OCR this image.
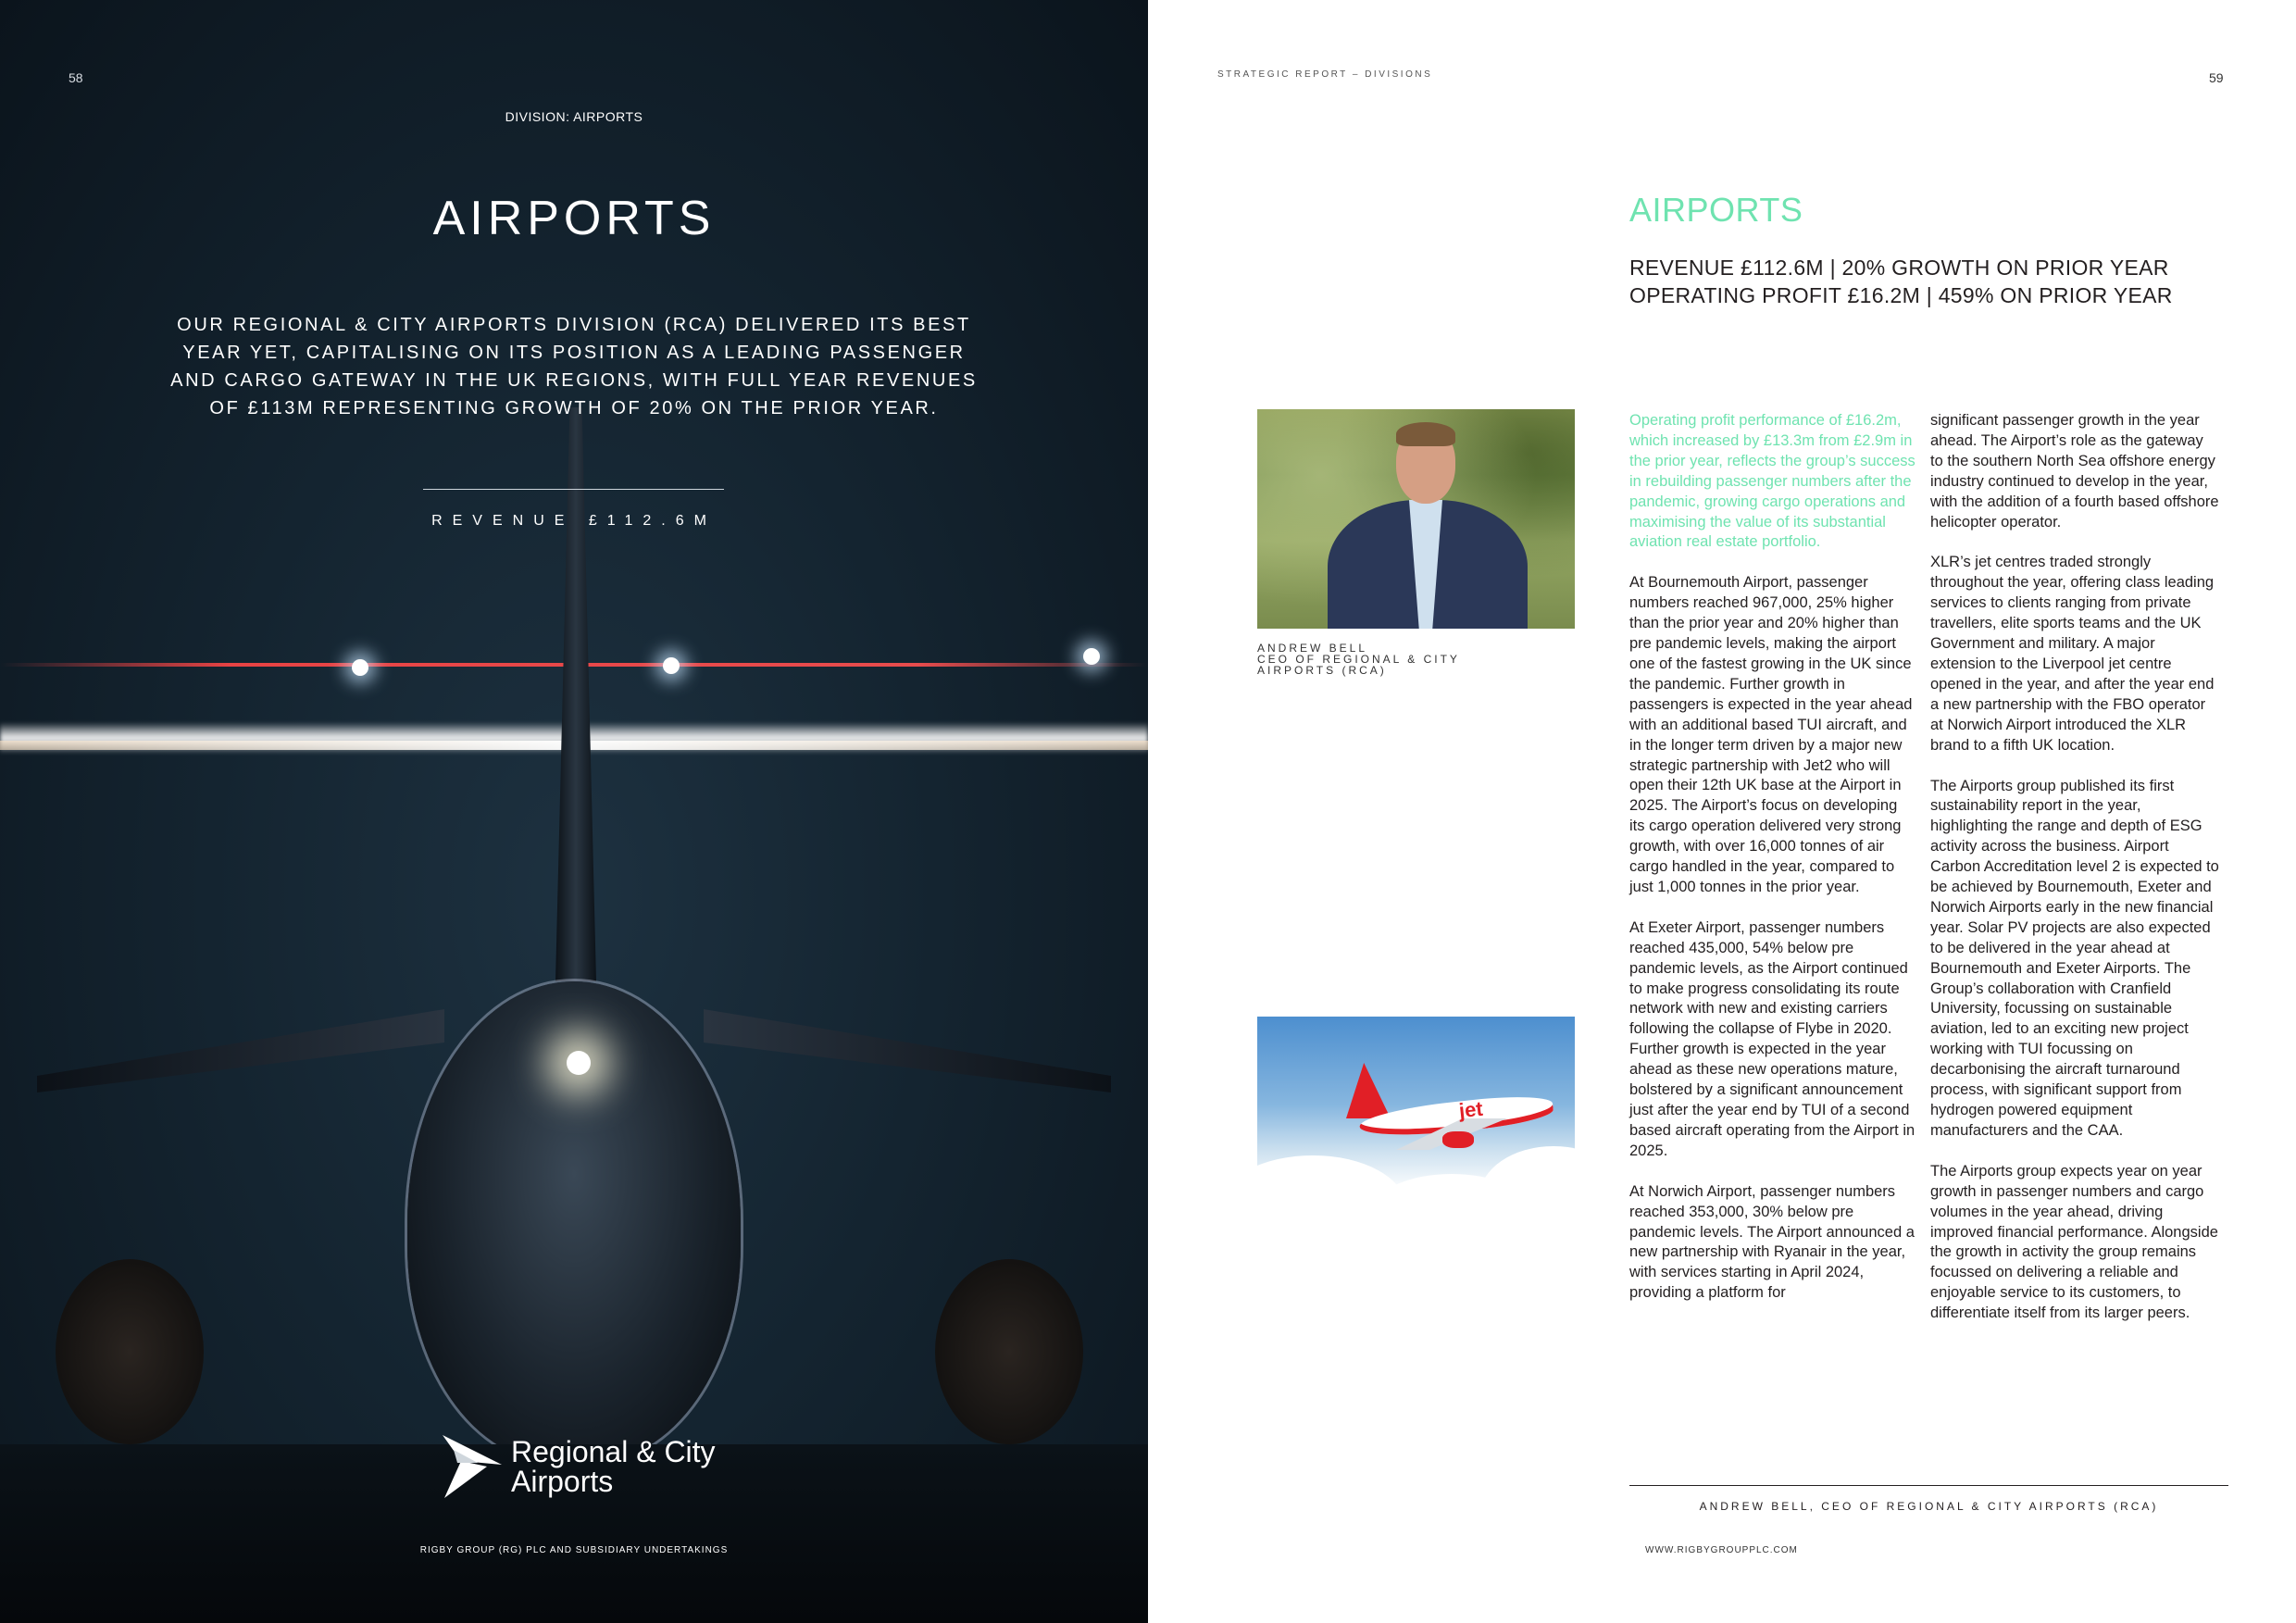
58
DIVISION: AIRPORTS
AIRPORTS
OUR REGIONAL & CITY AIRPORTS DIVISION (RCA) DELIVERED ITS BEST YEAR YET, CAPITALISING ON ITS POSITION AS A LEADING PASSENGER AND CARGO GATEWAY IN THE UK REGIONS, WITH FULL YEAR REVENUES OF £113M REPRESENTING GROWTH OF 20% ON THE PRIOR YEAR.
REVENUE £112.6M
Regional & City
Airports
RIGBY GROUP (RG) PLC AND SUBSIDIARY UNDERTAKINGS
STRATEGIC REPORT – DIVISIONS	59
AIRPORTS
REVENUE £112.6M | 20% GROWTH ON PRIOR YEAR
OPERATING PROFIT £16.2M | 459% ON PRIOR YEAR
ANDREW BELL
CEO OF REGIONAL & CITY
AIRPORTS (RCA)
jet

Operating profit performance of £16.2m, which increased by £13.3m from £2.9m in the prior year, reflects the group’s success in rebuilding passenger numbers after the pandemic, growing cargo operations and maximising the value of its substantial aviation real estate portfolio.

At Bournemouth Airport, passenger numbers reached 967,000, 25% higher than the prior year and 20% higher than pre pandemic levels, making the airport one of the fastest growing in the UK since the pandemic. Further growth in passengers is expected in the year ahead with an additional based TUI aircraft, and in the longer term driven by a major new strategic partnership with Jet2 who will open their 12th UK base at the Airport in 2025. The Airport’s focus on developing its cargo operation delivered very strong growth, with over 16,000 tonnes of air cargo handled in the year, compared to just 1,000 tonnes in the prior year.

At Exeter Airport, passenger numbers reached 435,000, 54% below pre pandemic levels, as the Airport continued to make progress consolidating its route network with new and existing carriers following the collapse of Flybe in 2020. Further growth is expected in the year ahead as these new operations mature, bolstered by a significant announcement just after the year end by TUI of a second based aircraft operating from the Airport in 2025.

At Norwich Airport, passenger numbers reached 353,000, 30% below pre pandemic levels. The Airport announced a new partnership with Ryanair in the year, with services starting in April 2024, providing a platform for

significant passenger growth in the year ahead. The Airport’s role as the gateway to the southern North Sea offshore energy industry continued to develop in the year, with the addition of a fourth based offshore helicopter operator.

XLR’s jet centres traded strongly throughout the year, offering class leading services to clients ranging from private travellers, elite sports teams and the UK Government and military. A major extension to the Liverpool jet centre opened in the year, and after the year end a new partnership with the FBO operator at Norwich Airport introduced the XLR brand to a fifth UK location.

The Airports group published its first sustainability report in the year, highlighting the range and depth of ESG activity across the business. Airport Carbon Accreditation level 2 is expected to be achieved by Bournemouth, Exeter and Norwich Airports early in the new financial year. Solar PV projects are also expected to be delivered in the year ahead at Bournemouth and Exeter Airports. The Group’s collaboration with Cranfield University, focussing on sustainable aviation, led to an exciting new project working with TUI focussing on decarbonising the aircraft turnaround process, with significant support from hydrogen powered equipment manufacturers and the CAA.

The Airports group expects year on year growth in passenger numbers and cargo volumes in the year ahead, driving improved financial performance. Alongside the growth in activity the group remains focussed on delivering a reliable and enjoyable service to its customers, to differentiate itself from its larger peers.

ANDREW BELL, CEO OF REGIONAL & CITY AIRPORTS (RCA)
WWW.RIGBYGROUPPLC.COM
